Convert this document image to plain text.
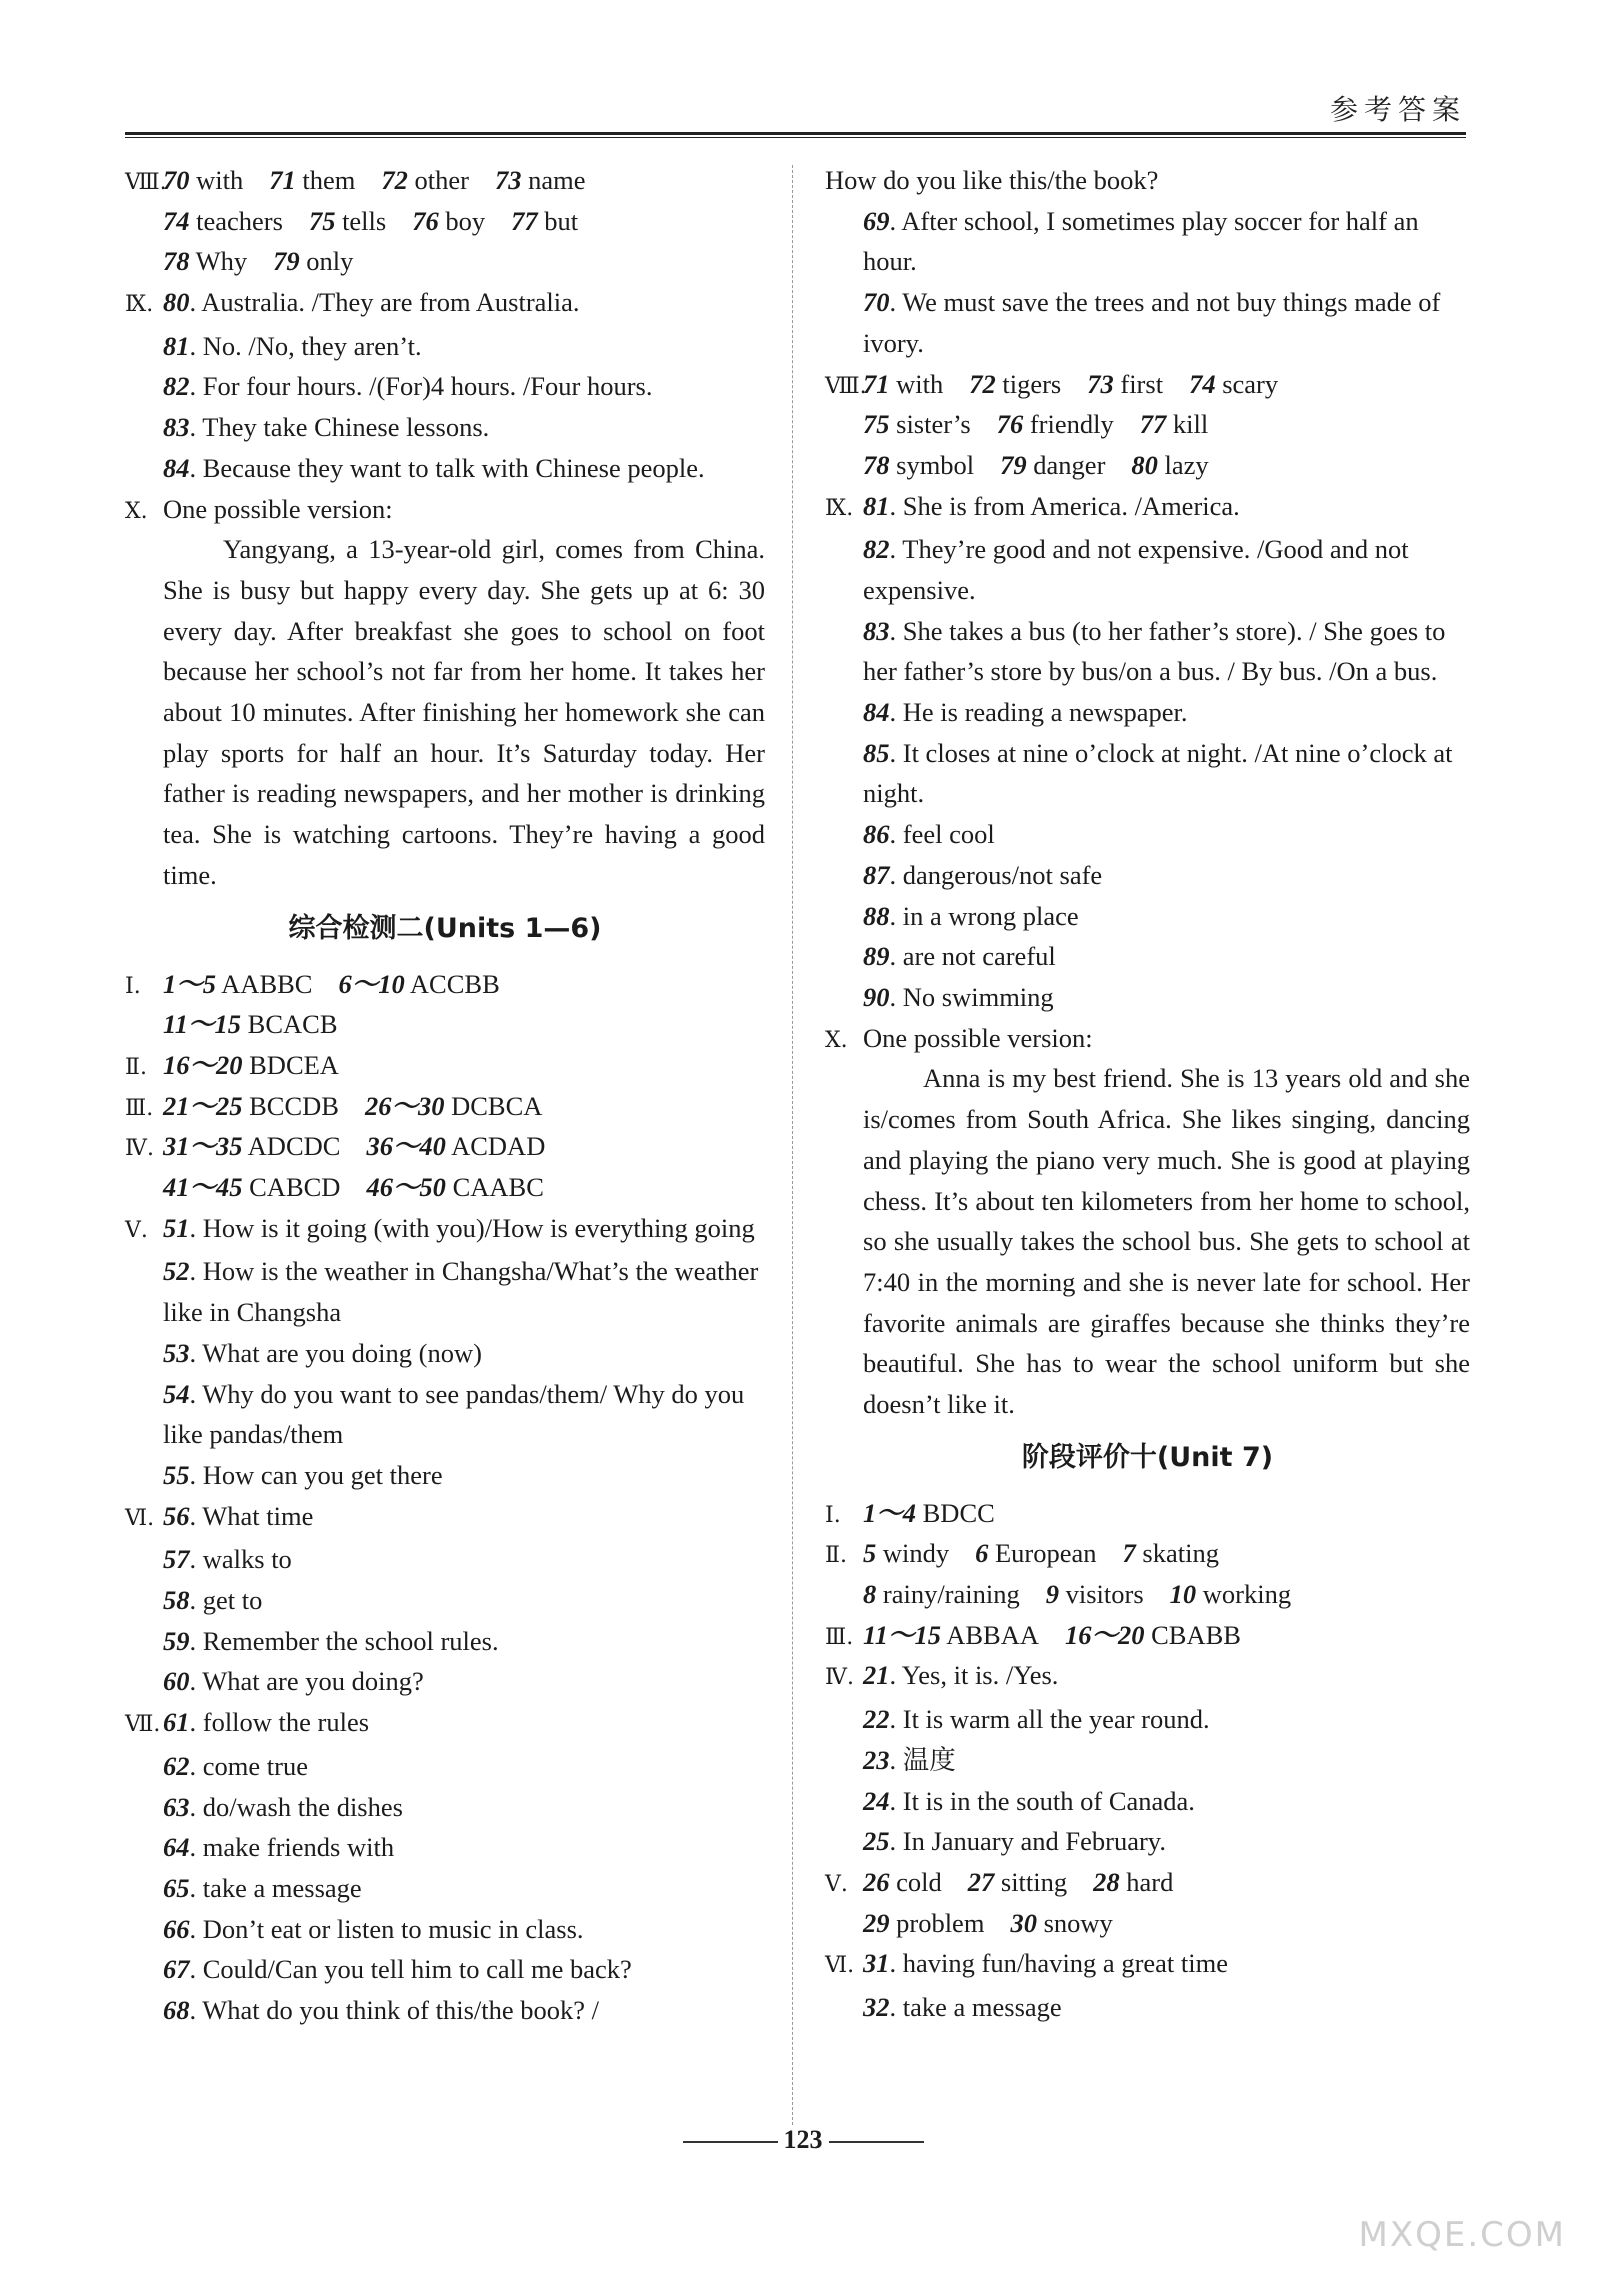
参考答案
Ⅷ.70 with 71 them 72 other 73 name
74 teachers 75 tells 76 boy 77 but
78 Why 79 only
Ⅸ. 80. Australia. /They are from Australia.
81. No. /No, they aren’t.
82. For four hours. /(For)4 hours. /Four hours.
83. They take Chinese lessons.
84. Because they want to talk with Chinese people.
Ⅹ. One possible version:
Yangyang, a 13-year-old girl, comes from China. She is busy but happy every day. She gets up at 6: 30 every day. After breakfast she goes to school on foot because her school’s not far from her home. It takes her about 10 minutes. After finishing her homework she can play sports for half an hour. It’s Saturday today. Her father is reading newspapers, and her mother is drinking tea. She is watching cartoons. They’re having a good time.
综合检测二(Units 1—6)
Ⅰ. 1～5 AABBC 6～10 ACCBB
11～15 BCACB
Ⅱ. 16～20 BDCEA
Ⅲ. 21～25 BCCDB 26～30 DCBCA
Ⅳ. 31～35 ADCDC 36～40 ACDAD
41～45 CABCD 46～50 CAABC
Ⅴ. 51. How is it going (with you)/How is everything going
52. How is the weather in Changsha/What’s the weather like in Changsha
53. What are you doing (now)
54. Why do you want to see pandas/them/ Why do you like pandas/them
55. How can you get there
Ⅵ. 56. What time
57. walks to
58. get to
59. Remember the school rules.
60. What are you doing?
Ⅶ.61. follow the rules
62. come true
63. do/wash the dishes
64. make friends with
65. take a message
66. Don’t eat or listen to music in class.
67. Could/Can you tell him to call me back?
68. What do you think of this/the book? /
How do you like this/the book?
69. After school, I sometimes play soccer for half an hour.
70. We must save the trees and not buy things made of ivory.
Ⅷ.71 with 72 tigers 73 first 74 scary
75 sister’s 76 friendly 77 kill
78 symbol 79 danger 80 lazy
Ⅸ. 81. She is from America. /America.
82. They’re good and not expensive. /Good and not expensive.
83. She takes a bus (to her father’s store). / She goes to her father’s store by bus/on a bus. / By bus. /On a bus.
84. He is reading a newspaper.
85. It closes at nine o’clock at night. /At nine o’clock at night.
86. feel cool
87. dangerous/not safe
88. in a wrong place
89. are not careful
90. No swimming
Ⅹ. One possible version:
Anna is my best friend. She is 13 years old and she is/comes from South Africa. She likes singing, dancing and playing the piano very much. She is good at playing chess. It’s about ten kilometers from her home to school, so she usually takes the school bus. She gets to school at 7:40 in the morning and she is never late for school. Her favorite animals are giraffes because she thinks they’re beautiful. She has to wear the school uniform but she doesn’t like it.
阶段评价十(Unit 7)
Ⅰ. 1～4 BDCC
Ⅱ. 5 windy 6 European 7 skating
8 rainy/raining 9 visitors 10 working
Ⅲ. 11～15 ABBAA 16～20 CBABB
Ⅳ. 21. Yes, it is. /Yes.
22. It is warm all the year round.
23. 温度
24. It is in the south of Canada.
25. In January and February.
Ⅴ. 26 cold 27 sitting 28 hard
29 problem 30 snowy
Ⅵ. 31. having fun/having a great time
32. take a message
123
MXQE.COM
